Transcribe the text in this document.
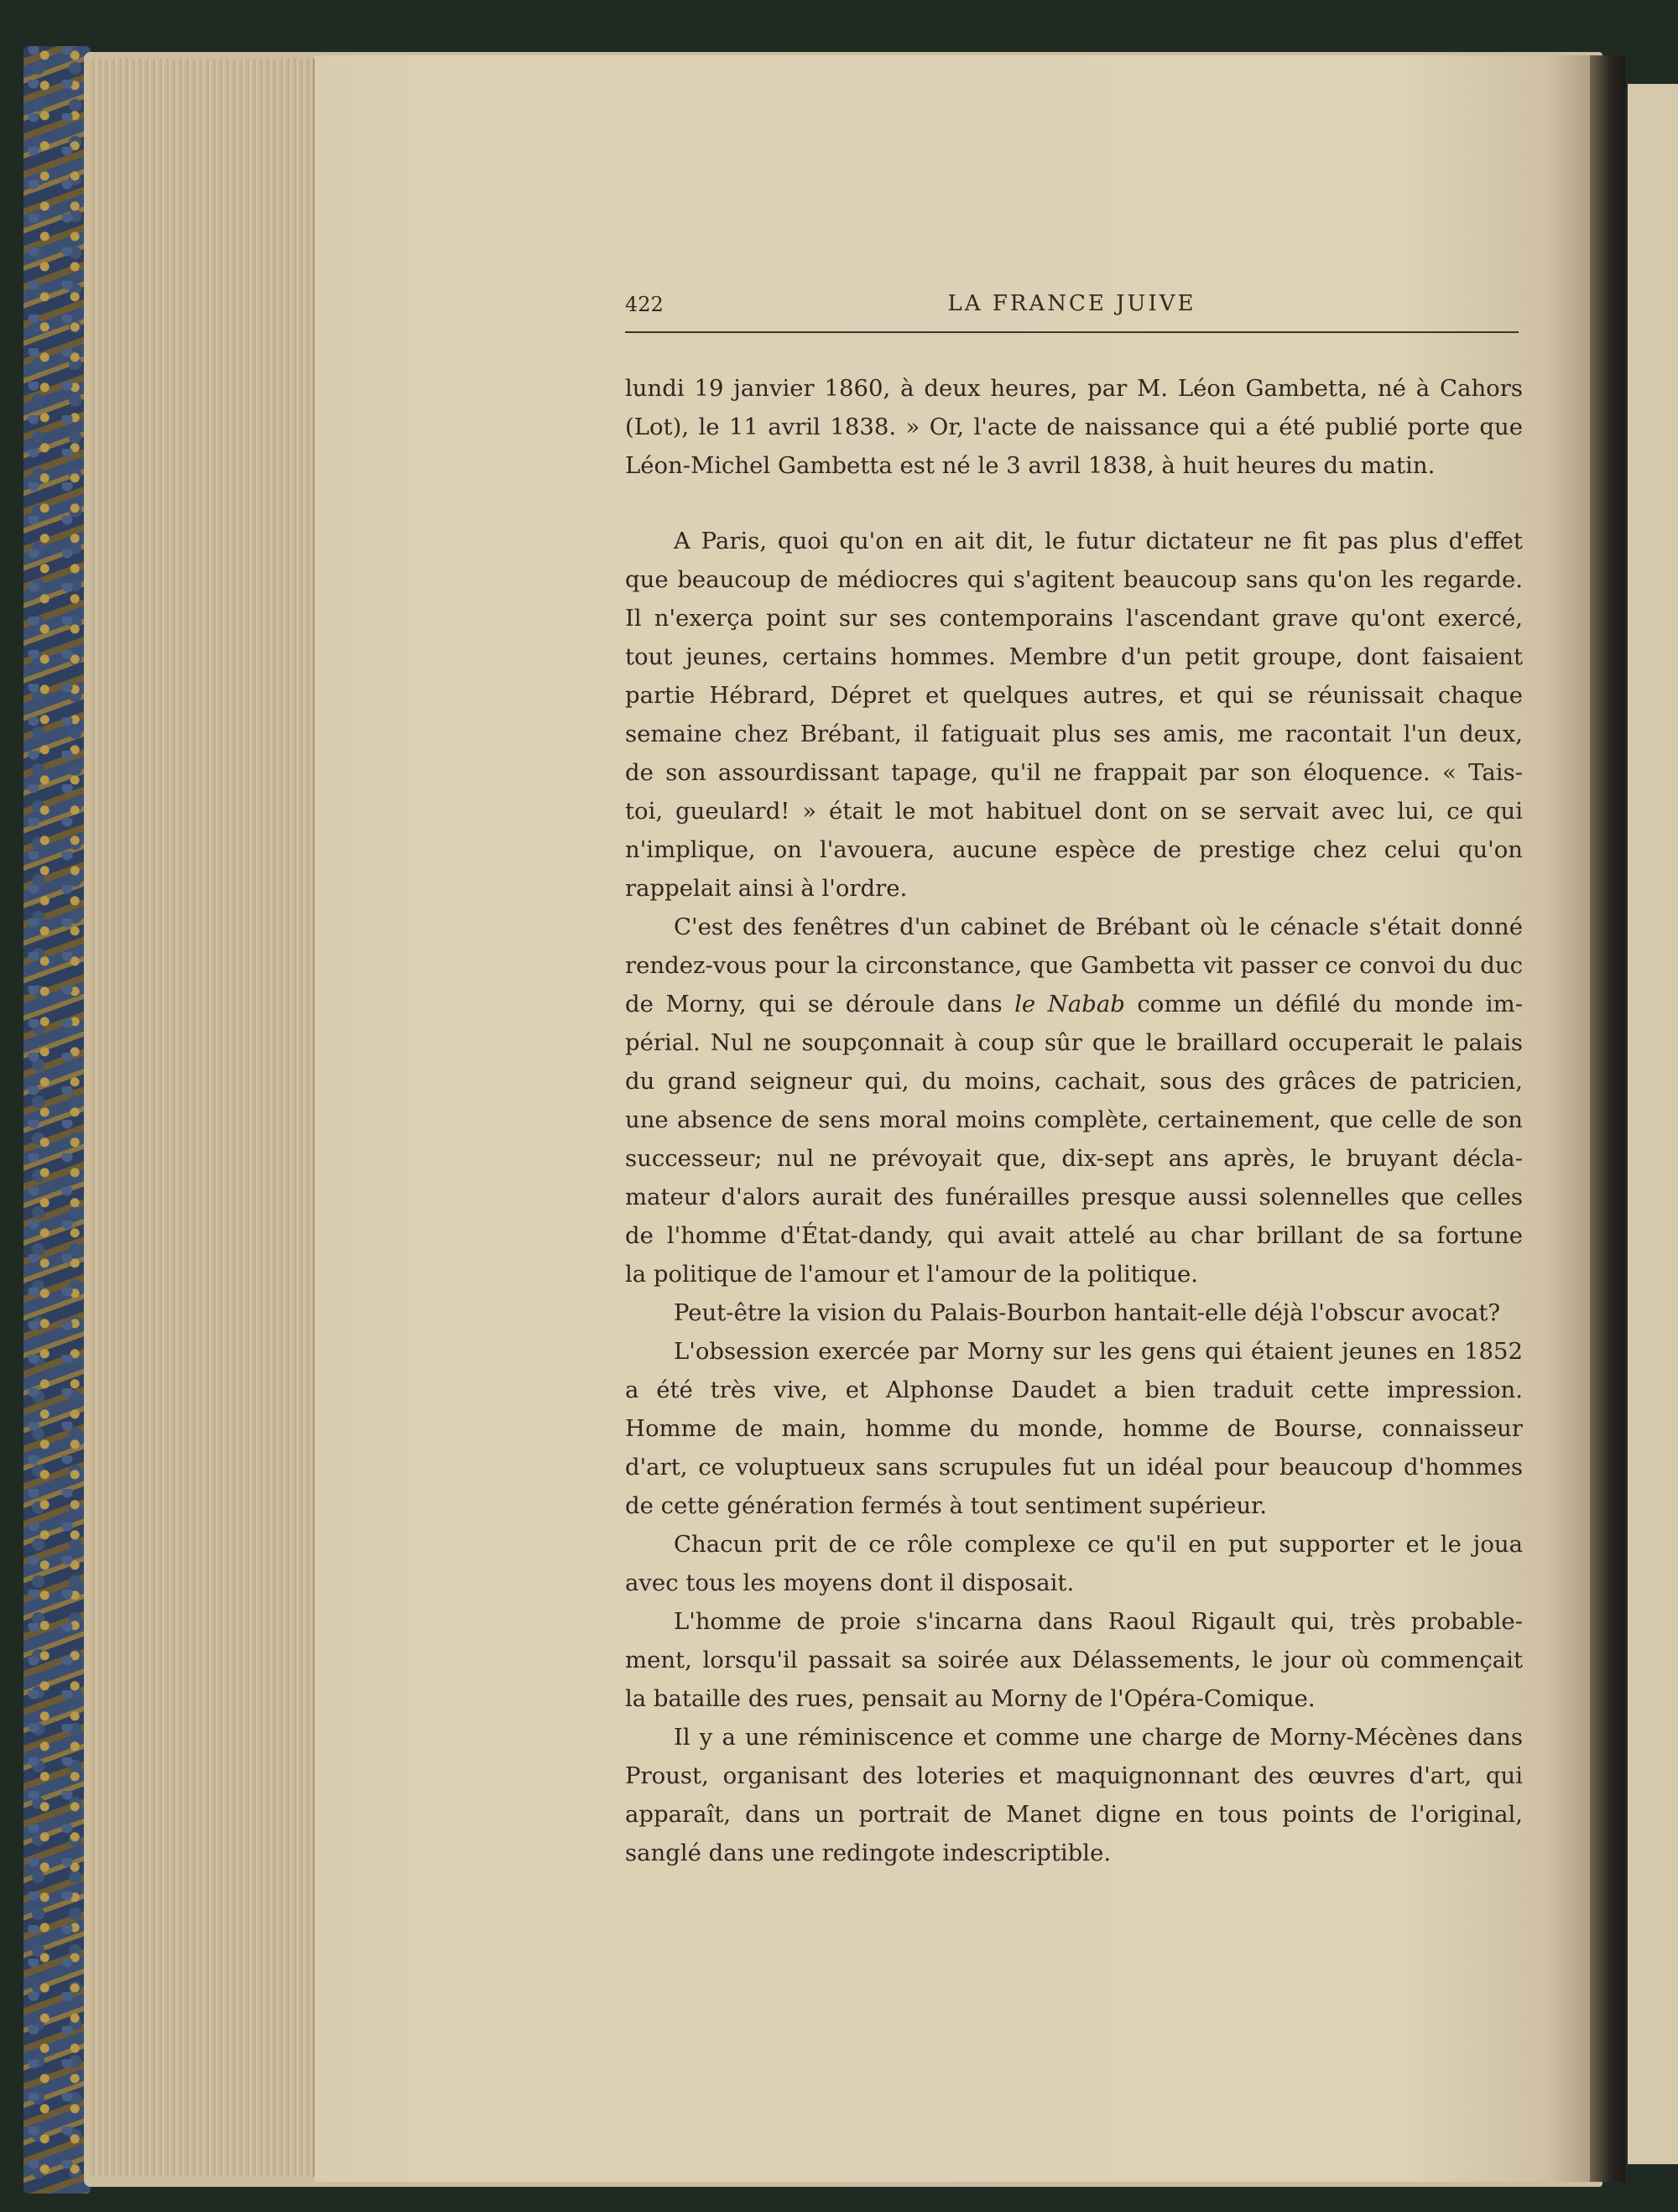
422	LA FRANCE JUIVE
lundi 19 janvier 1860, à deux heures, par M. Léon Gambetta, né à Cahors
(Lot), le 11 avril 1838. » Or, l'acte de naissance qui a été publié porte que
Léon-Michel Gambetta est né le 3 avril 1838, à huit heures du matin.
A Paris, quoi qu'on en ait dit, le futur dictateur ne fit pas plus d'effet
que beaucoup de médiocres qui s'agitent beaucoup sans qu'on les regarde.
Il n'exerça point sur ses contemporains l'ascendant grave qu'ont exercé,
tout jeunes, certains hommes. Membre d'un petit groupe, dont faisaient
partie Hébrard, Dépret et quelques autres, et qui se réunissait chaque
semaine chez Brébant, il fatiguait plus ses amis, me racontait l'un deux,
de son assourdissant tapage, qu'il ne frappait par son éloquence. « Tais-
toi, gueulard! » était le mot habituel dont on se servait avec lui, ce qui
n'implique, on l'avouera, aucune espèce de prestige chez celui qu'on
rappelait ainsi à l'ordre.
C'est des fenêtres d'un cabinet de Brébant où le cénacle s'était donné
rendez-vous pour la circonstance, que Gambetta vit passer ce convoi du duc
de Morny, qui se déroule dans le Nabab comme un défilé du monde im-
périal. Nul ne soupçonnait à coup sûr que le braillard occuperait le palais
du grand seigneur qui, du moins, cachait, sous des grâces de patricien,
une absence de sens moral moins complète, certainement, que celle de son
successeur; nul ne prévoyait que, dix-sept ans après, le bruyant décla-
mateur d'alors aurait des funérailles presque aussi solennelles que celles
de l'homme d'État-dandy, qui avait attelé au char brillant de sa fortune
la politique de l'amour et l'amour de la politique.
Peut-être la vision du Palais-Bourbon hantait-elle déjà l'obscur avocat?
L'obsession exercée par Morny sur les gens qui étaient jeunes en 1852
a été très vive, et Alphonse Daudet a bien traduit cette impression.
Homme de main, homme du monde, homme de Bourse, connaisseur
d'art, ce voluptueux sans scrupules fut un idéal pour beaucoup d'hommes
de cette génération fermés à tout sentiment supérieur.
Chacun prit de ce rôle complexe ce qu'il en put supporter et le joua
avec tous les moyens dont il disposait.
L'homme de proie s'incarna dans Raoul Rigault qui, très probable-
ment, lorsqu'il passait sa soirée aux Délassements, le jour où commençait
la bataille des rues, pensait au Morny de l'Opéra-Comique.
Il y a une réminiscence et comme une charge de Morny-Mécènes dans
Proust, organisant des loteries et maquignonnant des œuvres d'art, qui
apparaît, dans un portrait de Manet digne en tous points de l'original,
sanglé dans une redingote indescriptible.
